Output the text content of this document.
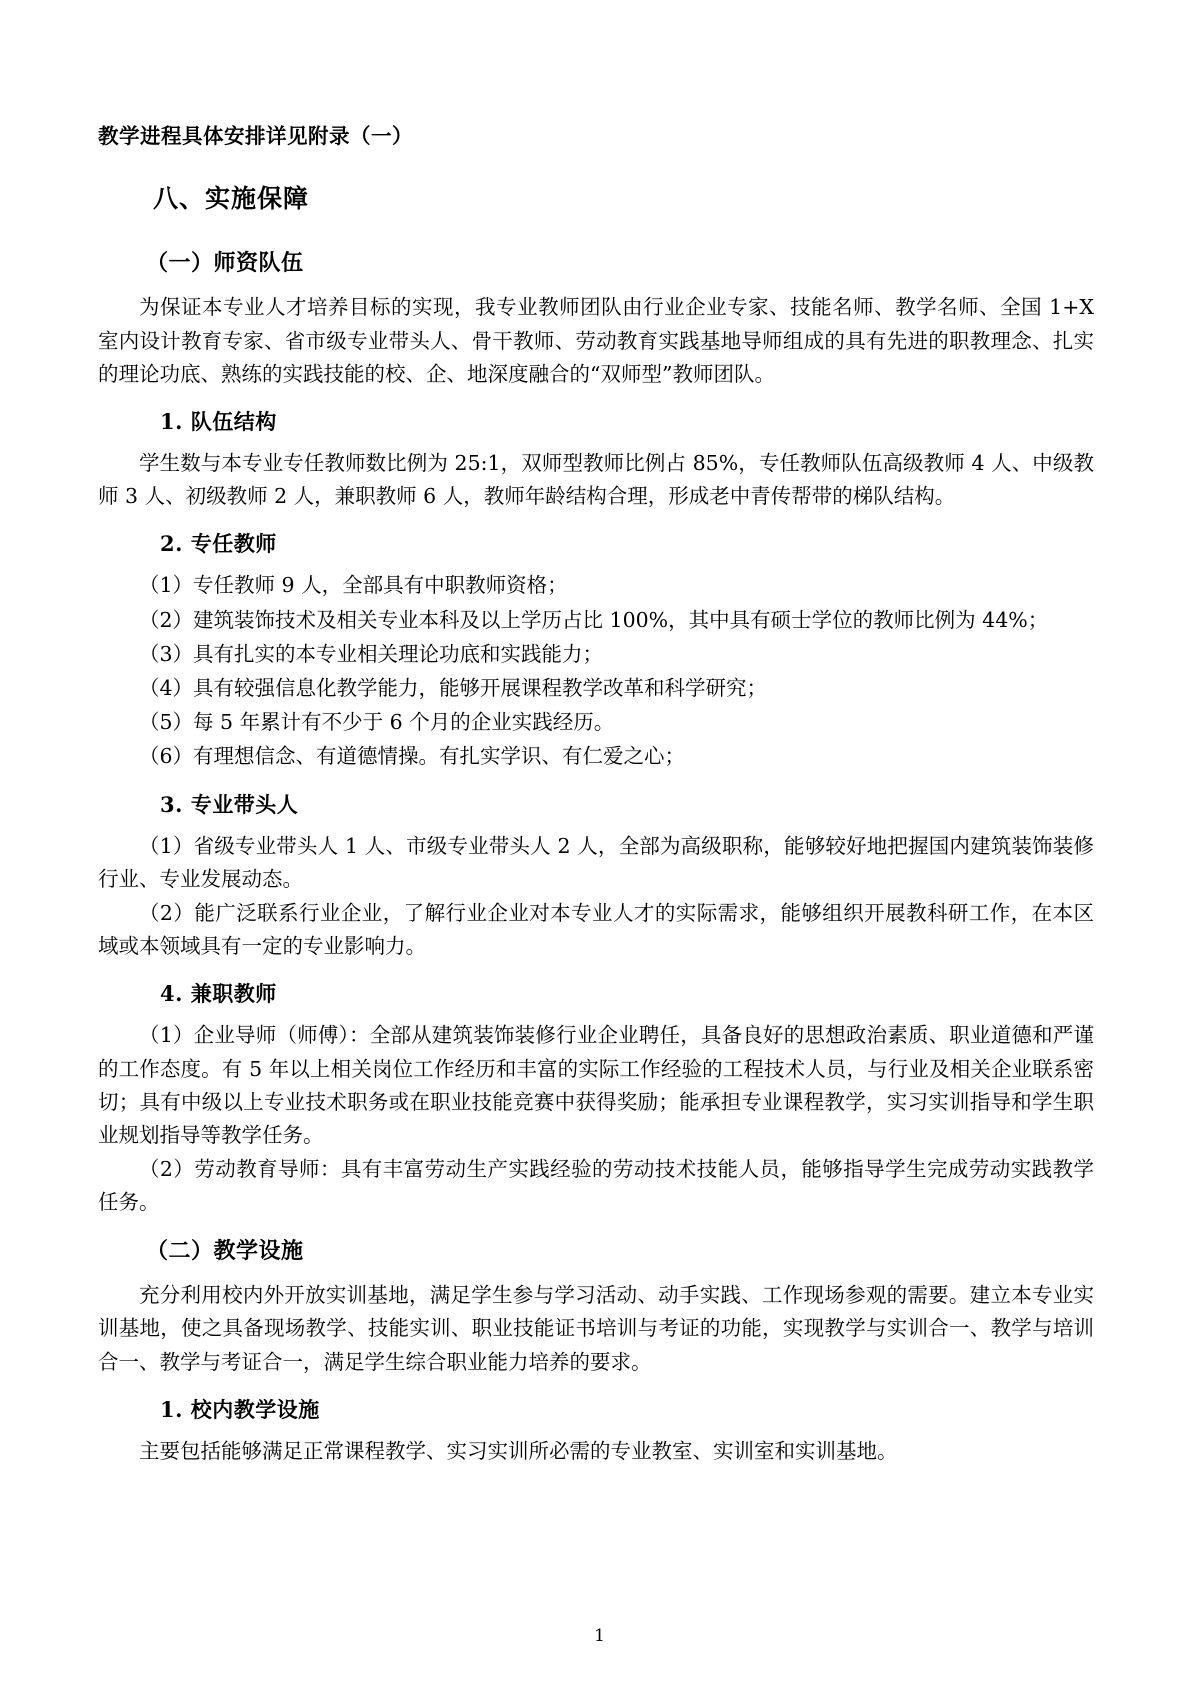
教学进程具体安排详见附录（一）
八、实施保障
（一）师资队伍

为保证本专业人才培养目标的实现，我专业教师团队由行业企业专家、技能名师、教学名师、全国 1+X 室内设计教育专家、省市级专业带头人、骨干教师、劳动教育实践基地导师组成的具有先进的职教理念、扎实的理论功底、熟练的实践技能的校、企、地深度融合的“双师型”教师团队。

1. 队伍结构

学生数与本专业专任教师数比例为 25:1，双师型教师比例占 85%，专任教师队伍高级教师 4 人、中级教师 3 人、初级教师 2 人，兼职教师 6 人，教师年龄结构合理，形成老中青传帮带的梯队结构。

2. 专任教师

（1）专任教师 9 人，全部具有中职教师资格；

（2）建筑装饰技术及相关专业本科及以上学历占比 100%，其中具有硕士学位的教师比例为 44%；

（3）具有扎实的本专业相关理论功底和实践能力；

（4）具有较强信息化教学能力，能够开展课程教学改革和科学研究；

（5）每 5 年累计有不少于 6 个月的企业实践经历。

（6）有理想信念、有道德情操。有扎实学识、有仁爱之心；

3. 专业带头人

（1）省级专业带头人 1 人、市级专业带头人 2 人，全部为高级职称，能够较好地把握国内建筑装饰装修行业、专业发展动态。

（2）能广泛联系行业企业，了解行业企业对本专业人才的实际需求，能够组织开展教科研工作，在本区域或本领域具有一定的专业影响力。

4. 兼职教师

（1）企业导师（师傅）：全部从建筑装饰装修行业企业聘任，具备良好的思想政治素质、职业道德和严谨的工作态度。有 5 年以上相关岗位工作经历和丰富的实际工作经验的工程技术人员，与行业及相关企业联系密切；具有中级以上专业技术职务或在职业技能竞赛中获得奖励；能承担专业课程教学，实习实训指导和学生职业规划指导等教学任务。

（2）劳动教育导师：具有丰富劳动生产实践经验的劳动技术技能人员，能够指导学生完成劳动实践教学任务。

（二）教学设施

充分利用校内外开放实训基地，满足学生参与学习活动、动手实践、工作现场参观的需要。建立本专业实训基地，使之具备现场教学、技能实训、职业技能证书培训与考证的功能，实现教学与实训合一、教学与培训合一、教学与考证合一，满足学生综合职业能力培养的要求。

1. 校内教学设施

主要包括能够满足正常课程教学、实习实训所必需的专业教室、实训室和实训基地。

1
